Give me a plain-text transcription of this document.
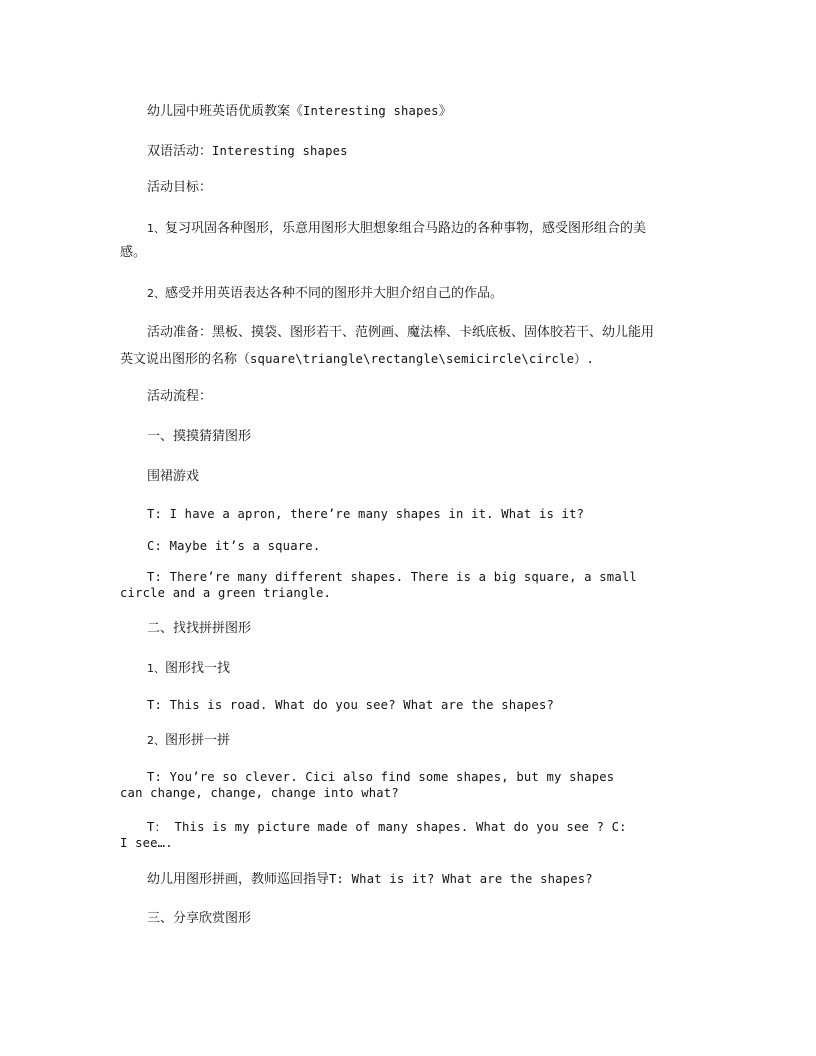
幼儿园中班英语优质教案《Interesting shapes》

双语活动：Interesting shapes

活动目标：

1、复习巩固各种图形，乐意用图形大胆想象组合马路边的各种事物，感受图形组合的美

感。

2、感受并用英语表达各种不同的图形并大胆介绍自己的作品。

活动准备：黑板、摸袋、图形若干、范例画、魔法棒、卡纸底板、固体胶若干、幼儿能用

英文说出图形的名称（square\triangle\rectangle\semicircle\circle）.

活动流程：

一、摸摸猜猜图形

围裙游戏

T: I have a apron, there’re many shapes in it. What is it?

C: Maybe it’s a square.

T: There’re many different shapes. There is a big square, a small

circle and a green triangle.

二、找找拼拼图形

1、图形找一找

T: This is road. What do you see? What are the shapes?

2、图形拼一拼

T: You’re so clever. Cici also find some shapes, but my shapes

can change, change, change into what?

T： This is my picture made of many shapes. What do you see ? C:

I see….

幼儿用图形拼画，教师巡回指导T: What is it? What are the shapes?

三、分享欣赏图形
